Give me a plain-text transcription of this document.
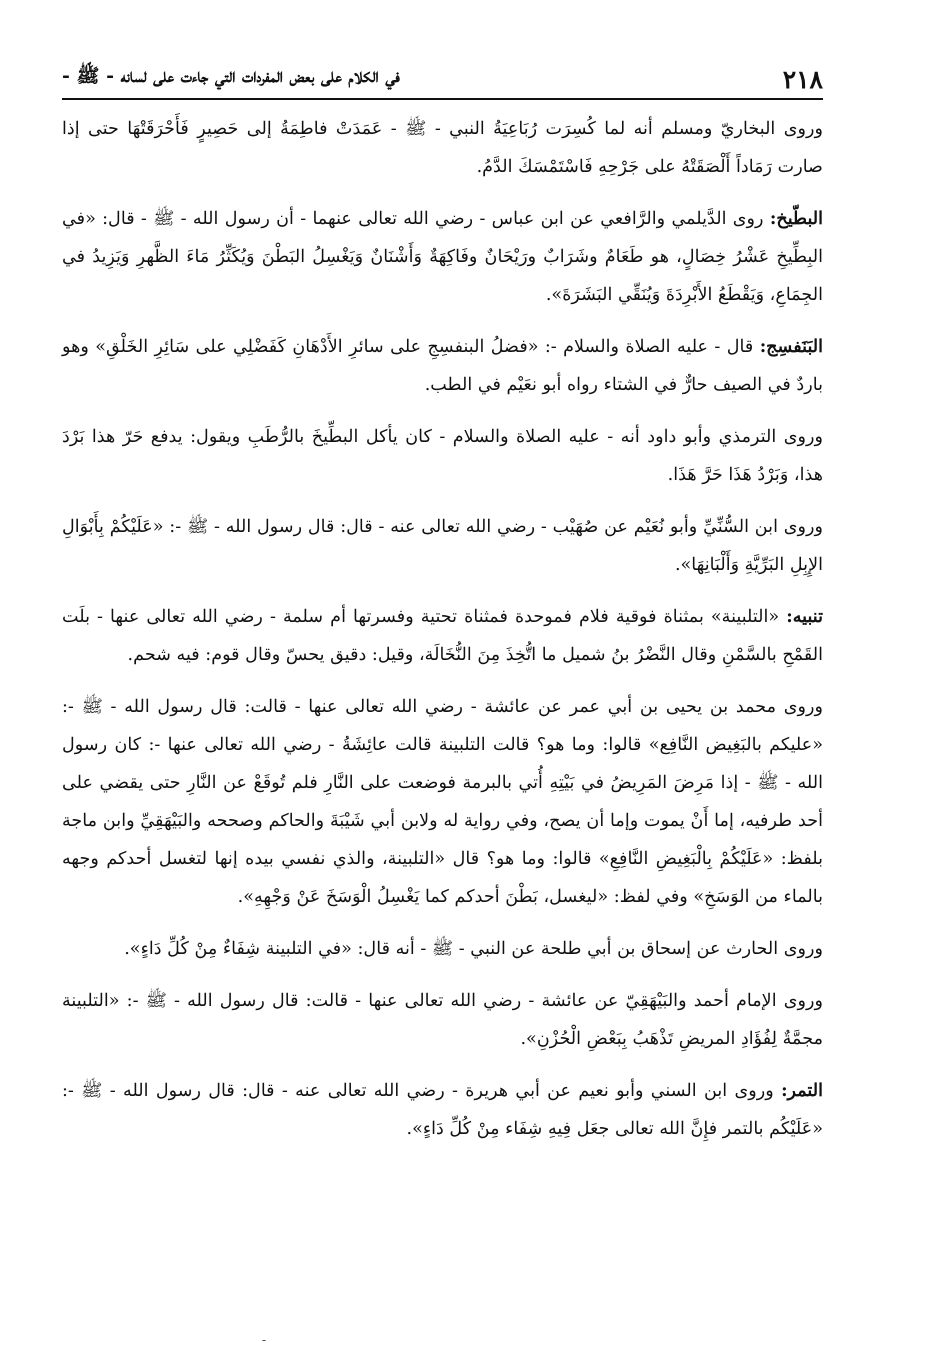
٢١٨
في الكلام على بعض المفردات التي جاءت على لسانه - ﷺ -

وروى البخاريّ ومسلم أنه لما كُسِرَت رُبَاعِيَةُ النبي - ﷺ - عَمَدَتْ فاطِمَةُ إلى حَصِيرٍ فَأَحْرَقَتْهَا حتى إذا صارت رَمَاداً أَلْصَقَتْهُ على جَرْحِهِ فَاسْتَمْسَكَ الدَّمُ.

البطّيخ: روى الدَّيلمي والرَّافعي عن ابن عباس - رضي الله تعالى عنهما - أن رسول الله - ﷺ - قال: «في البِطِّيخِ عَشْرُ خِصَالٍ، هو طَعَامٌ وشَرَابٌ ورَيْحَانٌ وفَاكِهَةٌ وَأَشْنَانٌ وَيَغْسِلُ البَطْنَ وَيُكَثِّرُ مَاءَ الظَّهرِ وَيَزِيدُ في الجِمَاعِ، وَيَقْطَعُ الأَبْرِدَةَ وَيُنَقِّي البَشَرَةَ».

البَنَفسِج: قال - عليه الصلاة والسلام -: «فضلُ البنفسِجِ على سائرِ الأَدْهَانِ كَفَضْلِي على سَائِرِ الخَلْقِ» وهو باردٌ في الصيف حارٌّ في الشتاء رواه أبو نعَيْم في الطب.

وروى الترمذي وأبو داود أنه - عليه الصلاة والسلام - كان يأكل البطِّيخَ بالرُّطَبِ ويقول: يدفع حَرّ هذا بَرْدَ هذا، وَبَرْدُ هَذَا حَرَّ هَذَا.

وروى ابن السُّنِّيِّ وأبو نُعَيْم عن صُهَيْب - رضي الله تعالى عنه - قال: قال رسول الله - ﷺ -: «عَلَيْكُمْ بِأَبْوَالِ الإِبِلِ البَرِّيَّةِ وَأَلْبَانِهَا».

تنبيه: «التلبينة» بمثناة فوقية فلام فموحدة فمثناة تحتية وفسرتها أم سلمة - رضي الله تعالى عنها - بلَت القَمْحِ بالسَّمْنِ وقال النَّضْرُ بنُ شميل ما اتُّخِذَ مِنَ النُّخَالَة، وقيل: دقيق يحسّ وقال قوم: فيه شحم.

وروى محمد بن يحيى بن أبي عمر عن عائشة - رضي الله تعالى عنها - قالت: قال رسول الله - ﷺ -: «عليكم بالبَغِيض النَّافِع» قالوا: وما هو؟ قالت التلبينة قالت عائِشَةُ - رضي الله تعالى عنها -: كان رسول الله - ﷺ - إذا مَرِضَ المَرِيضُ في بَيْتِهِ أُتي بالبرمة فوضعت على النَّارِ فلم تُوقَعْ عن النَّارِ حتى يقضي على أحد طرفيه، إما أَنْ يموت وإما أن يصح، وفي رواية له ولابن أبي شَيْبَةَ والحاكم وصححه والبَيْهَقِيِّ وابن ماجة بلفظ: «عَلَيْكُمْ بِالْبَغِيضِ النَّافِعِ» قالوا: وما هو؟ قال «التلبينة، والذي نفسي بيده إنها لتغسل أحدكم وجهه بالماء من الوَسَخِ» وفي لفظ: «ليغسل، بَطْنَ أحدكم كما يَغْسِلُ الْوَسَخَ عَنْ وَجْهِهِ».

وروى الحارث عن إسحاق بن أبي طلحة عن النبي - ﷺ - أنه قال: «في التلبينة شِفَاءٌ مِنْ كُلِّ دَاءٍ».

وروى الإمام أحمد والبَيْهَقِيّ عن عائشة - رضي الله تعالى عنها - قالت: قال رسول الله - ﷺ -: «التلبينة مجمَّةٌ لِفُؤَادِ المريضِ تَذْهَبُ بِبَعْضِ الْحُزْنِ».

التمر: وروى ابن السني وأبو نعيم عن أبي هريرة - رضي الله تعالى عنه - قال: قال رسول الله - ﷺ -: «عَلَيْكُم بالتمر فإِنَّ الله تعالى جعَل فِيهِ شِفَاء مِنْ كُلِّ دَاءٍ».

-
